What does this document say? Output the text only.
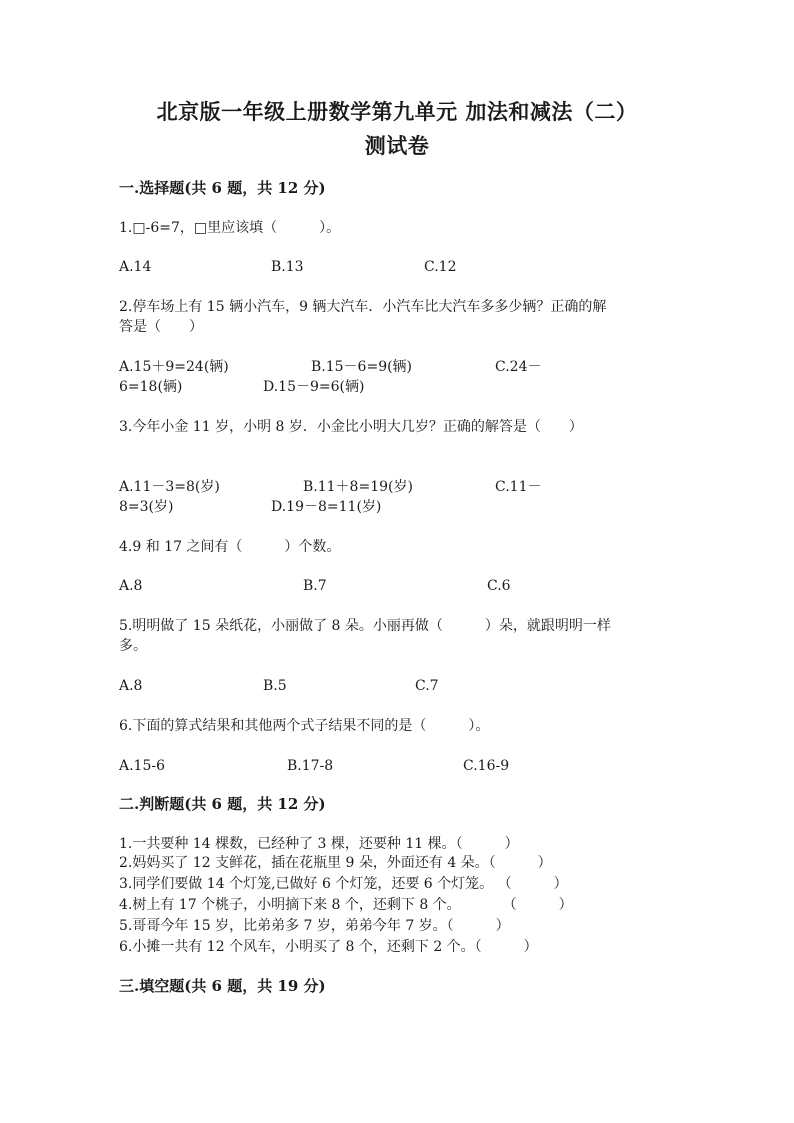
北京版一年级上册数学第九单元 加法和减法（二）
测试卷
一.选择题(共 6 题，共 12 分)
1.□-6=7，□里应该填（　　　）。
A.14	B.13	C.12
2.停车场上有 15 辆小汽车，9 辆大汽车．小汽车比大汽车多多少辆？正确的解
答是（　　）
A.15＋9=24(辆)	B.15－6=9(辆)	C.24－
6=18(辆)	D.15－9=6(辆)
3.今年小金 11 岁，小明 8 岁．小金比小明大几岁？正确的解答是（　　）
A.11－3=8(岁)	B.11＋8=19(岁)	C.11－
8=3(岁)	D.19－8=11(岁)
4.9 和 17 之间有（　　　）个数。
A.8	B.7	C.6
5.明明做了 15 朵纸花，小丽做了 8 朵。小丽再做（　　　）朵，就跟明明一样
多。
A.8	B.5	C.7
6.下面的算式结果和其他两个式子结果不同的是（　　　）。
A.15-6	B.17-8	C.16-9
二.判断题(共 6 题，共 12 分)
1.一共要种 14 棵数，已经种了 3 棵，还要种 11 棵。（　　　）
2.妈妈买了 12 支鲜花，插在花瓶里 9 朵，外面还有 4 朵。（　　　）
3.同学们要做 14 个灯笼,已做好 6 个灯笼，还要 6 个灯笼。 （　　　）
4.树上有 17 个桃子，小明摘下来 8 个，还剩下 8 个。　　　　（　　　）
5.哥哥今年 15 岁，比弟弟多 7 岁，弟弟今年 7 岁。（　　　）
6.小摊一共有 12 个风车，小明买了 8 个，还剩下 2 个。（　　　）
三.填空题(共 6 题，共 19 分)
